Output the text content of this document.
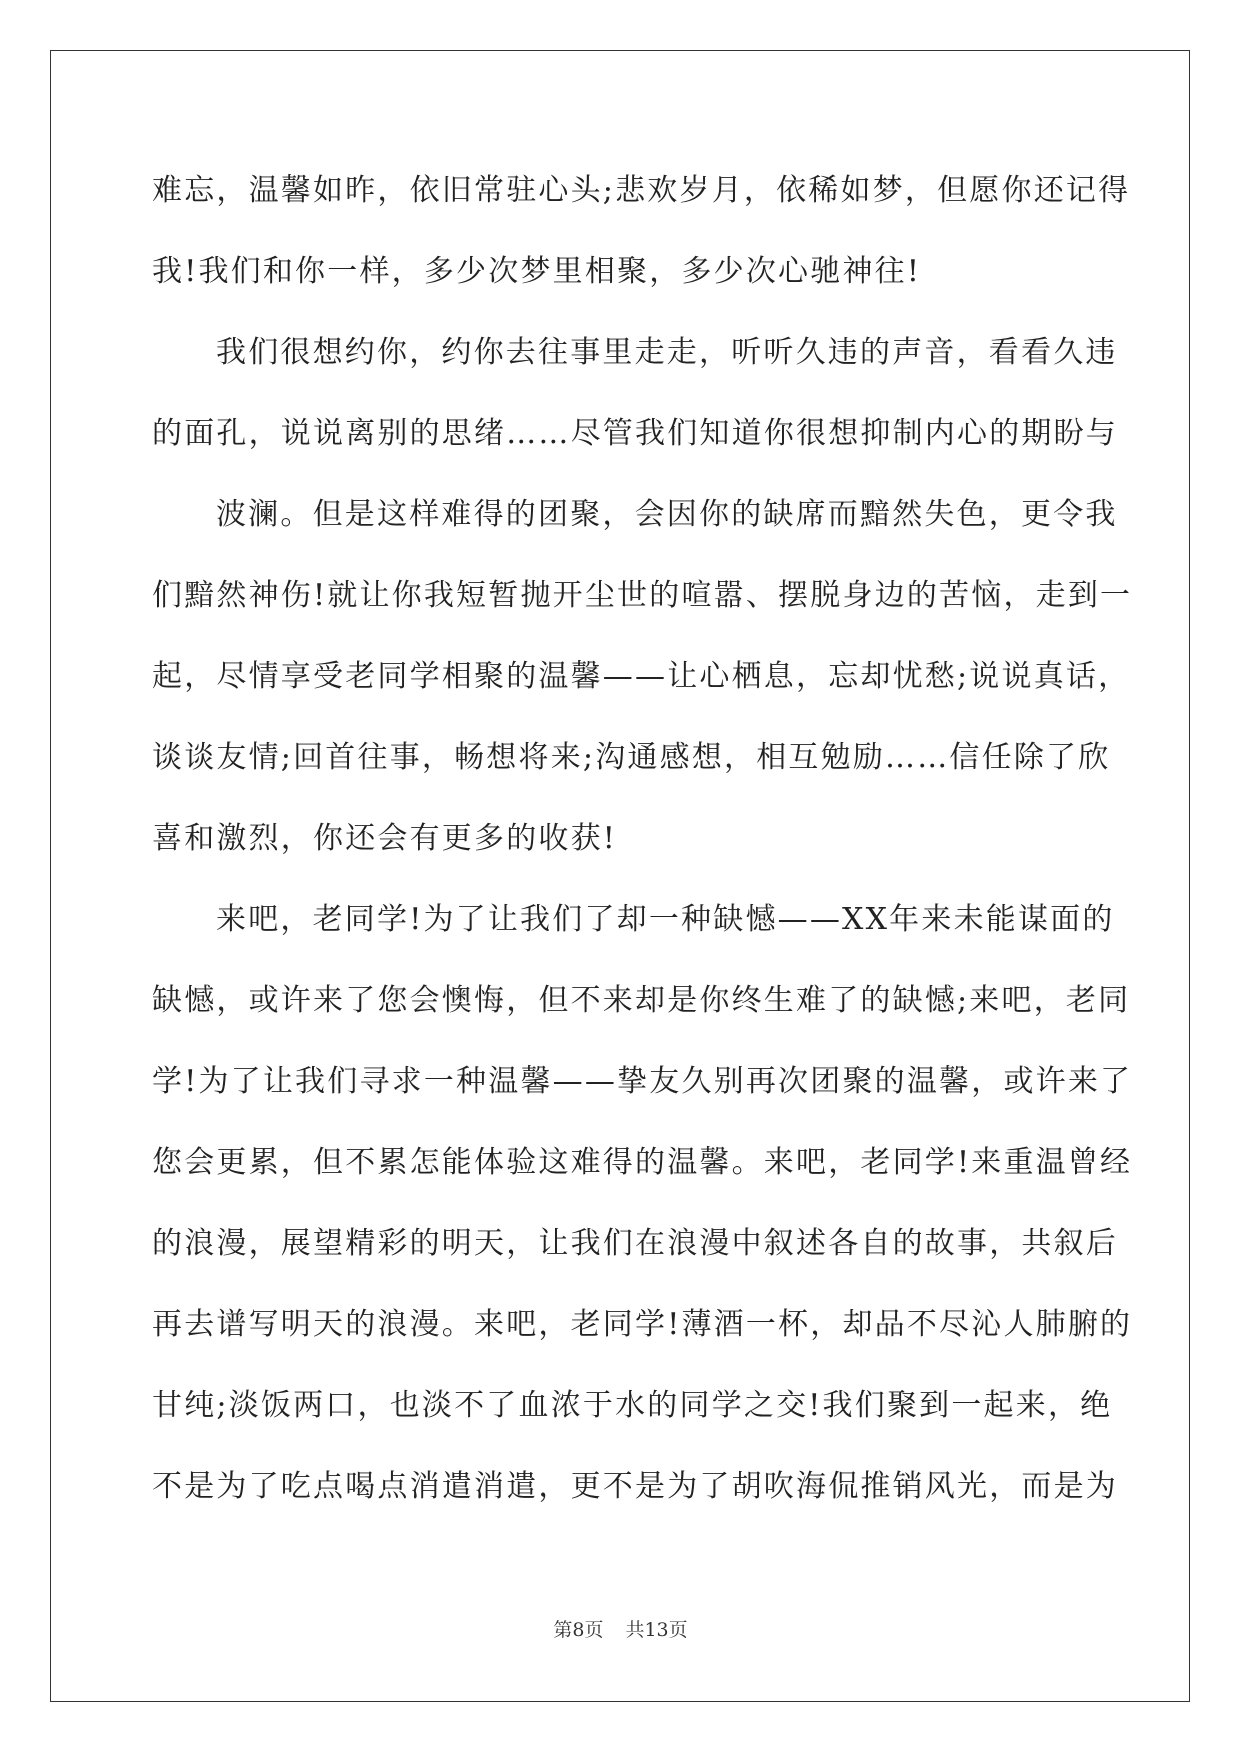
难忘，温馨如昨，依旧常驻心头;悲欢岁月，依稀如梦，但愿你还记得
我!我们和你一样，多少次梦里相聚，多少次心驰神往!
我们很想约你，约你去往事里走走，听听久违的声音，看看久违
的面孔，说说离别的思绪……尽管我们知道你很想抑制内心的期盼与
波澜。但是这样难得的团聚，会因你的缺席而黯然失色，更令我
们黯然神伤!就让你我短暂抛开尘世的喧嚣、摆脱身边的苦恼，走到一
起，尽情享受老同学相聚的温馨——让心栖息，忘却忧愁;说说真话，
谈谈友情;回首往事，畅想将来;沟通感想，相互勉励……信任除了欣
喜和激烈，你还会有更多的收获!
来吧，老同学!为了让我们了却一种缺憾——XX年来未能谋面的
缺憾，或许来了您会懊悔，但不来却是你终生难了的缺憾;来吧，老同
学!为了让我们寻求一种温馨——挚友久别再次团聚的温馨，或许来了
您会更累，但不累怎能体验这难得的温馨。来吧，老同学!来重温曾经
的浪漫，展望精彩的明天，让我们在浪漫中叙述各自的故事，共叙后
再去谱写明天的浪漫。来吧，老同学!薄酒一杯，却品不尽沁人肺腑的
甘纯;淡饭两口，也淡不了血浓于水的同学之交!我们聚到一起来，绝
不是为了吃点喝点消遣消遣，更不是为了胡吹海侃推销风光，而是为
第8页 共13页
